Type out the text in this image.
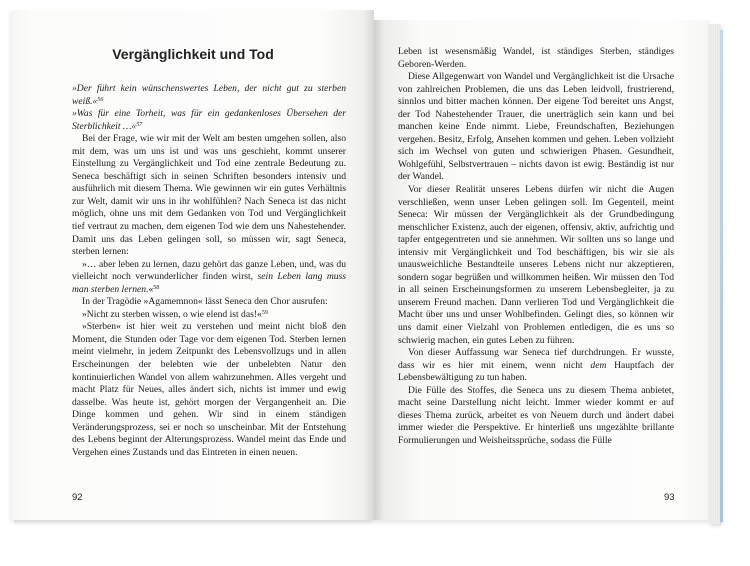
Vergänglichkeit und Tod

»Der führt kein wünschenswertes Leben, der nicht gut zu sterben weiß.«$^{56}$

»Was für eine Torheit, was für ein gedankenloses Übersehen der Sterblichkeit …«$^{57}$

Bei der Frage, wie wir mit der Welt am besten umgehen sollen, also mit dem, was um uns ist und was uns geschieht, kommt unserer Einstellung zu Vergänglichkeit und Tod eine zentrale Bedeutung zu. Seneca beschäftigt sich in seinen Schriften besonders intensiv und ausführlich mit diesem Thema. Wie gewinnen wir ein gutes Verhältnis zur Welt, damit wir uns in ihr wohlfühlen? Nach Seneca ist das nicht möglich, ohne uns mit dem Gedanken von Tod und Vergänglichkeit tief vertraut zu machen, dem eigenen Tod wie dem uns Nahestehender. Damit uns das Leben gelingen soll, so müssen wir, sagt Seneca, sterben lernen:

»… aber leben zu lernen, dazu gehört das ganze Leben, und, was du vielleicht noch verwunderlicher finden wirst, sein Leben lang muss man sterben lernen.«$^{58}$

In der Tragödie »Agamemnon« lässt Seneca den Chor ausrufen:

»Nicht zu sterben wissen, o wie elend ist das!«$^{59}$

»Sterben« ist hier weit zu verstehen und meint nicht bloß den Moment, die Stunden oder Tage vor dem eigenen Tod. Sterben lernen meint vielmehr, in jedem Zeitpunkt des Lebensvollzugs und in allen Erscheinungen der belebten wie der unbelebten Natur den kontinuierlichen Wandel von allem wahrzunehmen. Alles vergeht und macht Platz für Neues, alles ändert sich, nichts ist immer und ewig dasselbe. Was heute ist, gehört morgen der Vergangenheit an. Die Dinge kommen und gehen. Wir sind in einem ständigen Veränderungsprozess, sei er noch so unscheinbar. Mit der Entstehung des Lebens beginnt der Alterungsprozess. Wandel meint das Ende und Vergehen eines Zustands und das Eintreten in einen neuen.

Leben ist wesensmäßig Wandel, ist ständiges Sterben, ständiges Geboren-Werden.

Diese Allgegenwart von Wandel und Vergänglichkeit ist die Ursache von zahlreichen Problemen, die uns das Leben leidvoll, frustrierend, sinnlos und bitter machen können. Der eigene Tod bereitet uns Angst, der Tod Nahestehender Trauer, die unerträglich sein kann und bei manchen keine Ende nimmt. Liebe, Freundschaften, Beziehungen vergehen. Besitz, Erfolg, Ansehen kommen und gehen. Leben vollzieht sich im Wechsel von guten und schwierigen Phasen. Gesundheit, Wohlgefühl, Selbstvertrauen – nichts davon ist ewig. Beständig ist nur der Wandel.

Vor dieser Realität unseres Lebens dürfen wir nicht die Augen verschließen, wenn unser Leben gelingen soll. Im Gegenteil, meint Seneca: Wir müssen der Vergänglichkeit als der Grundbedingung menschlicher Existenz, auch der eigenen, offensiv, aktiv, aufrichtig und tapfer entgegentreten und sie annehmen. Wir sollten uns so lange und intensiv mit Vergänglichkeit und Tod beschäftigen, bis wir sie als unausweichliche Bestandteile unseres Lebens nicht nur akzeptieren, sondern sogar begrüßen und willkommen heißen. Wir müssen den Tod in all seinen Erscheinungsformen zu unserem Lebensbegleiter, ja zu unserem Freund machen. Dann verlieren Tod und Vergänglichkeit die Macht über uns und unser Wohlbefinden. Gelingt dies, so können wir uns damit einer Vielzahl von Problemen entledigen, die es uns so schwierig machen, ein gutes Leben zu führen.

Von dieser Auffassung war Seneca tief durchdrungen. Er wusste, dass wir es hier mit einem, wenn nicht dem Hauptfach der Lebensbewältigung zu tun haben.

Die Fülle des Stoffes, die Seneca uns zu diesem Thema anbietet, macht seine Darstellung nicht leicht. Immer wieder kommt er auf dieses Thema zurück, arbeitet es von Neuem durch und ändert dabei immer wieder die Perspektive. Er hinterließ uns ungezählte brillante Formulierungen und Weisheitssprüche, sodass die Fülle

92	93
